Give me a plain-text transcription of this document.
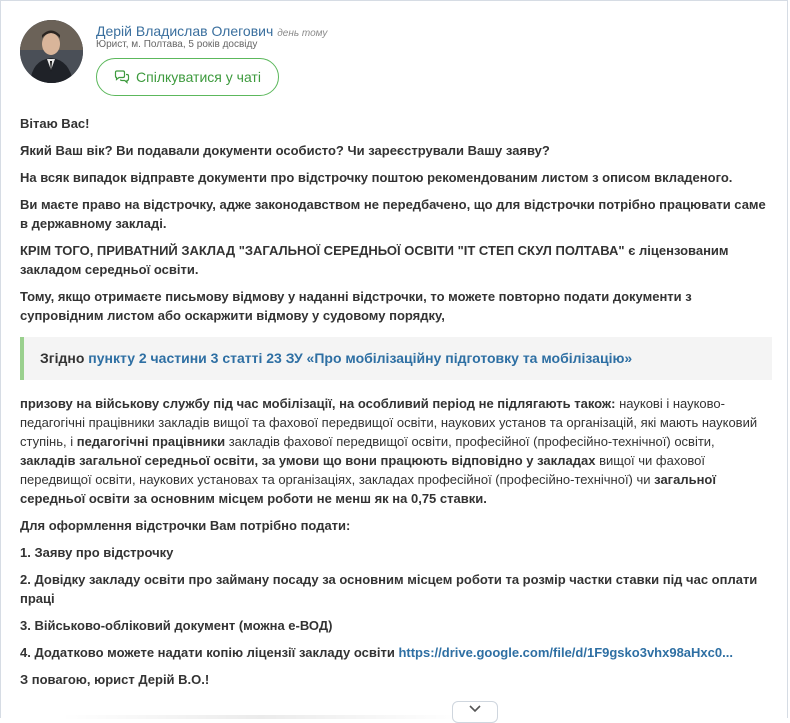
Дерій Владислав Олегович день тому
Юрист, м. Полтава, 5 років досвіду
Спілкуватися у чаті

Вітаю Вас!

Який Ваш вік? Ви подавали документи особисто? Чи зареєстрували Вашу заяву?

На всяк випадок відправте документи про відстрочку поштою рекомендованим листом з описом вкладеного.

Ви маєте право на відстрочку, адже законодавством не передбачено, що для відстрочки потрібно працювати саме в державному закладі.

КРІМ ТОГО, ПРИВАТНИЙ ЗАКЛАД "ЗАГАЛЬНОЇ СЕРЕДНЬОЇ ОСВІТИ "ІТ СТЕП СКУЛ ПОЛТАВА" є ліцензованим закладом середньої освіти.

Тому, якщо отримаєте письмову відмову у наданні відстрочки, то можете повторно подати документи з супровідним листом або оскаржити відмову у судовому порядку,

Згідно пункту 2 частини 3 статті 23 ЗУ «Про мобілізаційну підготовку та мобілізацію»

призову на військову службу під час мобілізації, на особливий період не підлягають також: наукові і науково-педагогічні працівники закладів вищої та фахової передвищої освіти, наукових установ та організацій, які мають науковий ступінь, і педагогічні працівники закладів фахової передвищої освіти, професійної (професійно-технічної) освіти, закладів загальної середньої освіти, за умови що вони працюють відповідно у закладах вищої чи фахової передвищої освіти, наукових установах та організаціях, закладах професійної (професійно-технічної) чи загальної середньої освіти за основним місцем роботи не менш як на 0,75 ставки.

Для оформлення відстрочки Вам потрібно подати:

1. Заяву про відстрочку

2. Довідку закладу освіти про займану посаду за основним місцем роботи та розмір частки ставки під час оплати праці

3. Військово-обліковий документ (можна е-ВОД)

4. Додатково можете надати копію ліцензії закладу освіти https://drive.google.com/file/d/1F9gsko3vhx98aHxc0...

З повагою, юрист Дерій В.О.!
